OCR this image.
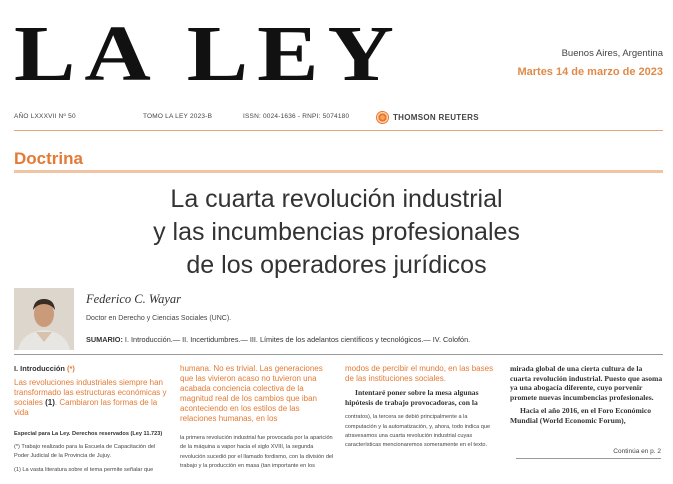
LA LEY	Buenos Aires, Argentina
Martes 14 de marzo de 2023
AÑO LXXXVII Nº 50	TOMO LA LEY 2023-B	ISSN: 0024-1636 - RNPI: 5074180	THOMSON REUTERS
Doctrina
La cuarta revolución industrial
y las incumbencias profesionales
de los operadores jurídicos
Federico C. Wayar
Doctor en Derecho y Ciencias Sociales (UNC).
SUMARIO: I. Introducción.— II. Incertidumbres.— III. Límites de los adelantos científicos y tecnológicos.— IV. Colofón.

I. Introducción (*)

Las revoluciones industriales siempre han transformado las estructuras económicas y sociales (1). Cambiaron las formas de la vida

Especial para La Ley. Derechos reservados (Ley 11.723)

(*) Trabajo realizado para la Escuela de Capacitación del Poder Judicial de la Provincia de Jujuy.

(1) La vasta literatura sobre el tema permite señalar que

humana. No es trivial. Las generaciones que las vivieron acaso no tuvieron una acabada conciencia colectiva de la magnitud real de los cambios que iban aconteciendo en los estilos de las relaciones humanas, en los

la primera revolución industrial fue provocada por la aparición de la máquina a vapor hacia el siglo XVIII, la segunda revolución sucedió por el llamado fordismo, con la división del trabajo y la producción en masa (tan importante en los

modos de percibir el mundo, en las bases de las instituciones sociales.

Intentaré poner sobre la mesa algunas hipótesis de trabajo provocadoras, con la

contratos), la tercera se debió principalmente a la computación y la automatización, y, ahora, todo indica que atravesamos una cuarta revolución industrial cuyas características mencionaremos someramente en el texto.

mirada global de una cierta cultura de la cuarta revolución industrial. Puesto que asoma ya una abogacía diferente, cuyo porvenir promete nuevas incumbencias profesionales.

Hacia el año 2016, en el Foro Económico Mundial (World Economic Forum),

Continúa en p. 2
